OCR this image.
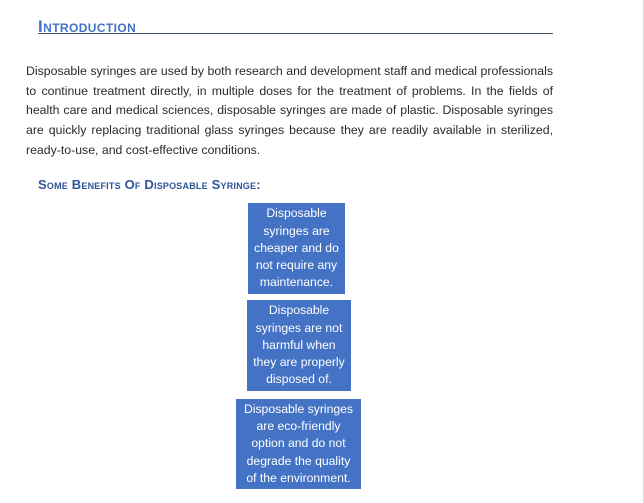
Introduction

Disposable syringes are used by both research and development staff and medical professionals to continue treatment directly, in multiple doses for the treatment of problems. In the fields of health care and medical sciences, disposable syringes are made of plastic. Disposable syringes are quickly replacing traditional glass syringes because they are readily available in sterilized, ready-to-use, and cost-effective conditions.

Some Benefits Of Disposable Syringe:
Disposable syringes are cheaper and do not require any maintenance.
Disposable syringes are not harmful when they are properly disposed of.
Disposable syringes are eco-friendly option and do not degrade the quality of the environment.
